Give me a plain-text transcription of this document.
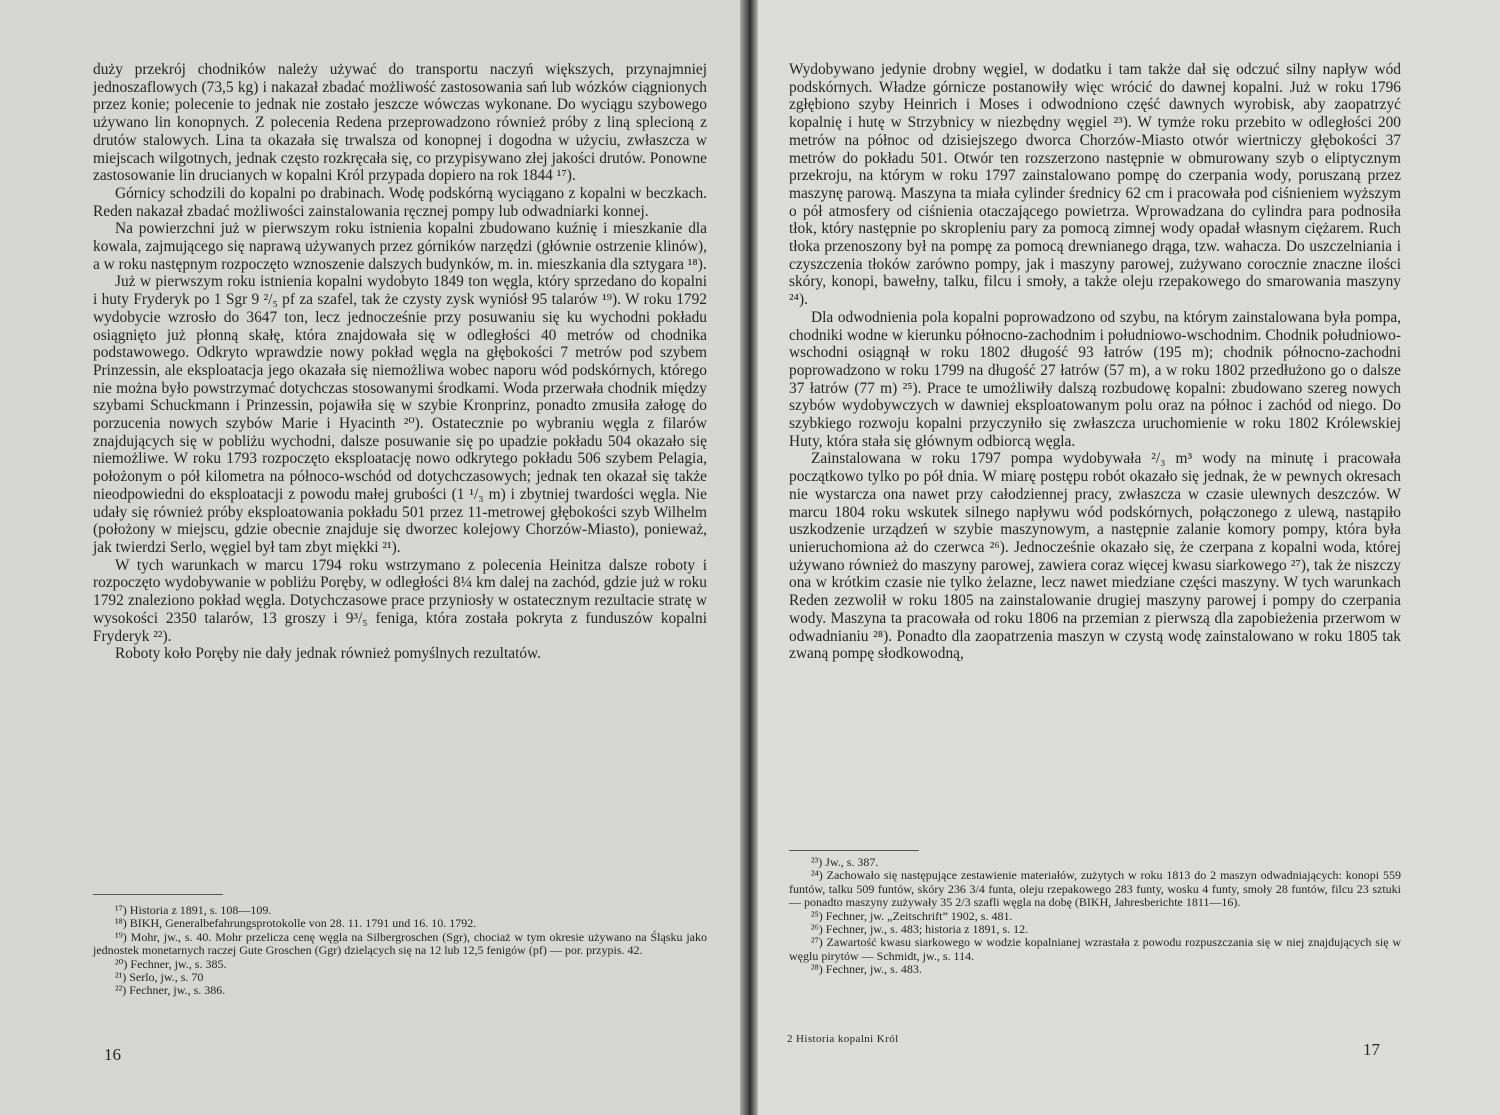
duży przekrój chodników należy używać do transportu naczyń większych, przynajmniej jednoszaflowych (73,5 kg) i nakazał zbadać możliwość zastosowania sań lub wózków ciągnionych przez konie; polecenie to jednak nie zostało jeszcze wówczas wykonane. Do wyciągu szybowego używano lin konopnych. Z polecenia Redena przeprowadzono również próby z liną splecioną z drutów stalowych. Lina ta okazała się trwalsza od konopnej i dogodna w użyciu, zwłaszcza w miejscach wilgotnych, jednak często rozkręcała się, co przypisywano złej jakości drutów. Ponowne zastosowanie lin drucianych w kopalni Król przypada dopiero na rok 1844 ¹⁷).

Górnicy schodzili do kopalni po drabinach. Wodę podskórną wyciągano z kopalni w beczkach. Reden nakazał zbadać możliwości zainstalowania ręcznej pompy lub odwadniarki konnej.

Na powierzchni już w pierwszym roku istnienia kopalni zbudowano kuźnię i mieszkanie dla kowala, zajmującego się naprawą używanych przez górników narzędzi (głównie ostrzenie klinów), a w roku następnym rozpoczęto wznoszenie dalszych budynków, m. in. mieszkania dla sztygara ¹⁸).

Już w pierwszym roku istnienia kopalni wydobyto 1849 ton węgla, który sprzedano do kopalni i huty Fryderyk po 1 Sgr 9 ²/₅ pf za szafel, tak że czysty zysk wyniósł 95 talarów ¹⁹). W roku 1792 wydobycie wzrosło do 3647 ton, lecz jednocześnie przy posuwaniu się ku wychodni pokładu osiągnięto już płonną skałę, która znajdowała się w odległości 40 metrów od chodnika podstawowego. Odkryto wprawdzie nowy pokład węgla na głębokości 7 metrów pod szybem Prinzessin, ale eksploatacja jego okazała się niemożliwa wobec naporu wód podskórnych, którego nie można było powstrzymać dotychczas stosowanymi środkami. Woda przerwała chodnik między szybami Schuckmann i Prinzessin, pojawiła się w szybie Kronprinz, ponadto zmusiła załogę do porzucenia nowych szybów Marie i Hyacinth ²⁰). Ostatecznie po wybraniu węgla z filarów znajdujących się w pobliżu wychodni, dalsze posuwanie się po upadzie pokładu 504 okazało się niemożliwe. W roku 1793 rozpoczęto eksploatację nowo odkrytego pokładu 506 szybem Pelagia, położonym o pół kilometra na północo-wschód od dotychczasowych; jednak ten okazał się także nieodpowiedni do eksploatacji z powodu małej grubości (1 ¹/₃ m) i zbytniej twardości węgla. Nie udały się również próby eksploatowania pokładu 501 przez 11-metrowej głębokości szyb Wilhelm (położony w miejscu, gdzie obecnie znajduje się dworzec kolejowy Chorzów-Miasto), ponieważ, jak twierdzi Serlo, węgiel był tam zbyt miękki ²¹).

W tych warunkach w marcu 1794 roku wstrzymano z polecenia Heinitza dalsze roboty i rozpoczęto wydobywanie w pobliżu Poręby, w odległości 8¼ km dalej na zachód, gdzie już w roku 1792 znaleziono pokład węgla. Dotychczasowe prace przyniosły w ostatecznym rezultacie stratę w wysokości 2350 talarów, 13 groszy i 9³/₅ feniga, która została pokryta z funduszów kopalni Fryderyk ²²).

Roboty koło Poręby nie dały jednak również pomyślnych rezultatów.

¹⁷) Historia z 1891, s. 108—109.

¹⁸) BIKH, Generalbefahrungsprotokolle von 28. 11. 1791 und 16. 10. 1792.

¹⁹) Mohr, jw., s. 40. Mohr przelicza cenę węgla na Silbergroschen (Sgr), chociaż w tym okresie używano na Śląsku jako jednostek monetarnych raczej Gute Groschen (Ggr) dzielących się na 12 lub 12,5 fenigów (pf) — por. przypis. 42.

²⁰) Fechner, jw., s. 385.

²¹) Serlo, jw., s. 70

²²) Fechner, jw., s. 386.

16

Wydobywano jedynie drobny węgiel, w dodatku i tam także dał się odczuć silny napływ wód podskórnych. Władze górnicze postanowiły więc wrócić do dawnej kopalni. Już w roku 1796 zgłębiono szyby Heinrich i Moses i odwodniono część dawnych wyrobisk, aby zaopatrzyć kopalnię i hutę w Strzybnicy w niezbędny węgiel ²³). W tymże roku przebito w odległości 200 metrów na północ od dzisiejszego dworca Chorzów-Miasto otwór wiertniczy głębokości 37 metrów do pokładu 501. Otwór ten rozszerzono następnie w obmurowany szyb o eliptycznym przekroju, na którym w roku 1797 zainstalowano pompę do czerpania wody, poruszaną przez maszynę parową. Maszyna ta miała cylinder średnicy 62 cm i pracowała pod ciśnieniem wyższym o pół atmosfery od ciśnienia otaczającego powietrza. Wprowadzana do cylindra para podnosiła tłok, który następnie po skropleniu pary za pomocą zimnej wody opadał własnym ciężarem. Ruch tłoka przenoszony był na pompę za pomocą drewnianego drąga, tzw. wahacza. Do uszczelniania i czyszczenia tłoków zarówno pompy, jak i maszyny parowej, zużywano corocznie znaczne ilości skóry, konopi, bawełny, talku, filcu i smoły, a także oleju rzepakowego do smarowania maszyny ²⁴).

Dla odwodnienia pola kopalni poprowadzono od szybu, na którym zainstalowana była pompa, chodniki wodne w kierunku północno-zachodnim i południowo-wschodnim. Chodnik południowo-wschodni osiągnął w roku 1802 długość 93 łatrów (195 m); chodnik północno-zachodni poprowadzono w roku 1799 na długość 27 łatrów (57 m), a w roku 1802 przedłużono go o dalsze 37 łatrów (77 m) ²⁵). Prace te umożliwiły dalszą rozbudowę kopalni: zbudowano szereg nowych szybów wydobywczych w dawniej eksploatowanym polu oraz na północ i zachód od niego. Do szybkiego rozwoju kopalni przyczyniło się zwłaszcza uruchomienie w roku 1802 Królewskiej Huty, która stała się głównym odbiorcą węgla.

Zainstalowana w roku 1797 pompa wydobywała ²/₃ m³ wody na minutę i pracowała początkowo tylko po pół dnia. W miarę postępu robót okazało się jednak, że w pewnych okresach nie wystarcza ona nawet przy całodziennej pracy, zwłaszcza w czasie ulewnych deszczów. W marcu 1804 roku wskutek silnego napływu wód podskórnych, połączonego z ulewą, nastąpiło uszkodzenie urządzeń w szybie maszynowym, a następnie zalanie komory pompy, która była unieruchomiona aż do czerwca ²⁶). Jednocześnie okazało się, że czerpana z kopalni woda, której używano również do maszyny parowej, zawiera coraz więcej kwasu siarkowego ²⁷), tak że niszczy ona w krótkim czasie nie tylko żelazne, lecz nawet miedziane części maszyny. W tych warunkach Reden zezwolił w roku 1805 na zainstalowanie drugiej maszyny parowej i pompy do czerpania wody. Maszyna ta pracowała od roku 1806 na przemian z pierwszą dla zapobieżenia przerwom w odwadnianiu ²⁸). Ponadto dla zaopatrzenia maszyn w czystą wodę zainstalowano w roku 1805 tak zwaną pompę słodkowodną,

²³) Jw., s. 387.

²⁴) Zachowało się następujące zestawienie materiałów, zużytych w roku 1813 do 2 maszyn odwadniających: konopi 559 funtów, talku 509 funtów, skóry 236 3/4 funta, oleju rzepakowego 283 funty, wosku 4 funty, smoły 28 funtów, filcu 23 sztuki — ponadto maszyny zużywały 35 2/3 szafli węgla na dobę (BIKH, Jahresberichte 1811—16).

²⁵) Fechner, jw. „Zeitschrift” 1902, s. 481.

²⁶) Fechner, jw., s. 483; historia z 1891, s. 12.

²⁷) Zawartość kwasu siarkowego w wodzie kopalnianej wzrastała z powodu rozpuszczania się w niej znajdujących się w węglu pirytów — Schmidt, jw., s. 114.

²⁸) Fechner, jw., s. 483.

2 Historia kopalni Król
17
